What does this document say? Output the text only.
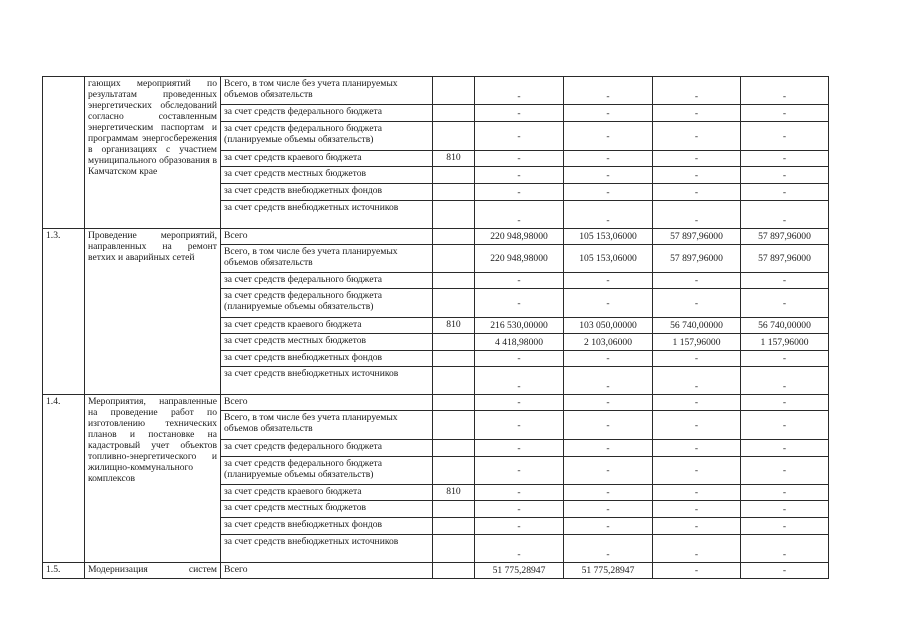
	гающих мероприятий по результатам проведенных энергетических обследований согласно составленным энергетическим паспортам и программам энергосбережения в организациях с участием муниципального образования в Камчатском крае	Всего, в том числе без учета планируемых объемов обязательств		-	-	-	-
		за счет средств федерального бюджета		-	-	-	-
		за счет средств федерального бюджета (планируемые объемы обязательств)		-	-	-	-
		за счет средств краевого бюджета	810	-	-	-	-
		за счет средств местных бюджетов		-	-	-	-
		за счет средств внебюджетных фондов		-	-	-	-
		за счет средств внебюджетных источников		-	-	-	-
1.3.	Проведение мероприятий, направленных на ремонт ветхих и аварийных сетей	Всего		220 948,98000	105 153,06000	57 897,96000	57 897,96000
		Всего, в том числе без учета планируемых объемов обязательств		220 948,98000	105 153,06000	57 897,96000	57 897,96000
		за счет средств федерального бюджета		-	-	-	-
		за счет средств федерального бюджета (планируемые объемы обязательств)		-	-	-	-
		за счет средств краевого бюджета	810	216 530,00000	103 050,00000	56 740,00000	56 740,00000
		за счет средств местных бюджетов		4 418,98000	2 103,06000	1 157,96000	1 157,96000
		за счет средств внебюджетных фондов		-	-	-	-
		за счет средств внебюджетных источников		-	-	-	-
1.4.	Мероприятия, направленные на проведение работ по изготовлению технических планов и постановке на кадастровый учет объектов топливно-энергетического и жилищно-коммунального комплексов	Всего		-	-	-	-
		Всего, в том числе без учета планируемых объемов обязательств		-	-	-	-
		за счет средств федерального бюджета		-	-	-	-
		за счет средств федерального бюджета (планируемые объемы обязательств)		-	-	-	-
		за счет средств краевого бюджета	810	-	-	-	-
		за счет средств местных бюджетов		-	-	-	-
		за счет средств внебюджетных фондов		-	-	-	-
		за счет средств внебюджетных источников		-	-	-	-
1.5.	Модернизация систем	Всего		51 775,28947	51 775,28947	-	-
